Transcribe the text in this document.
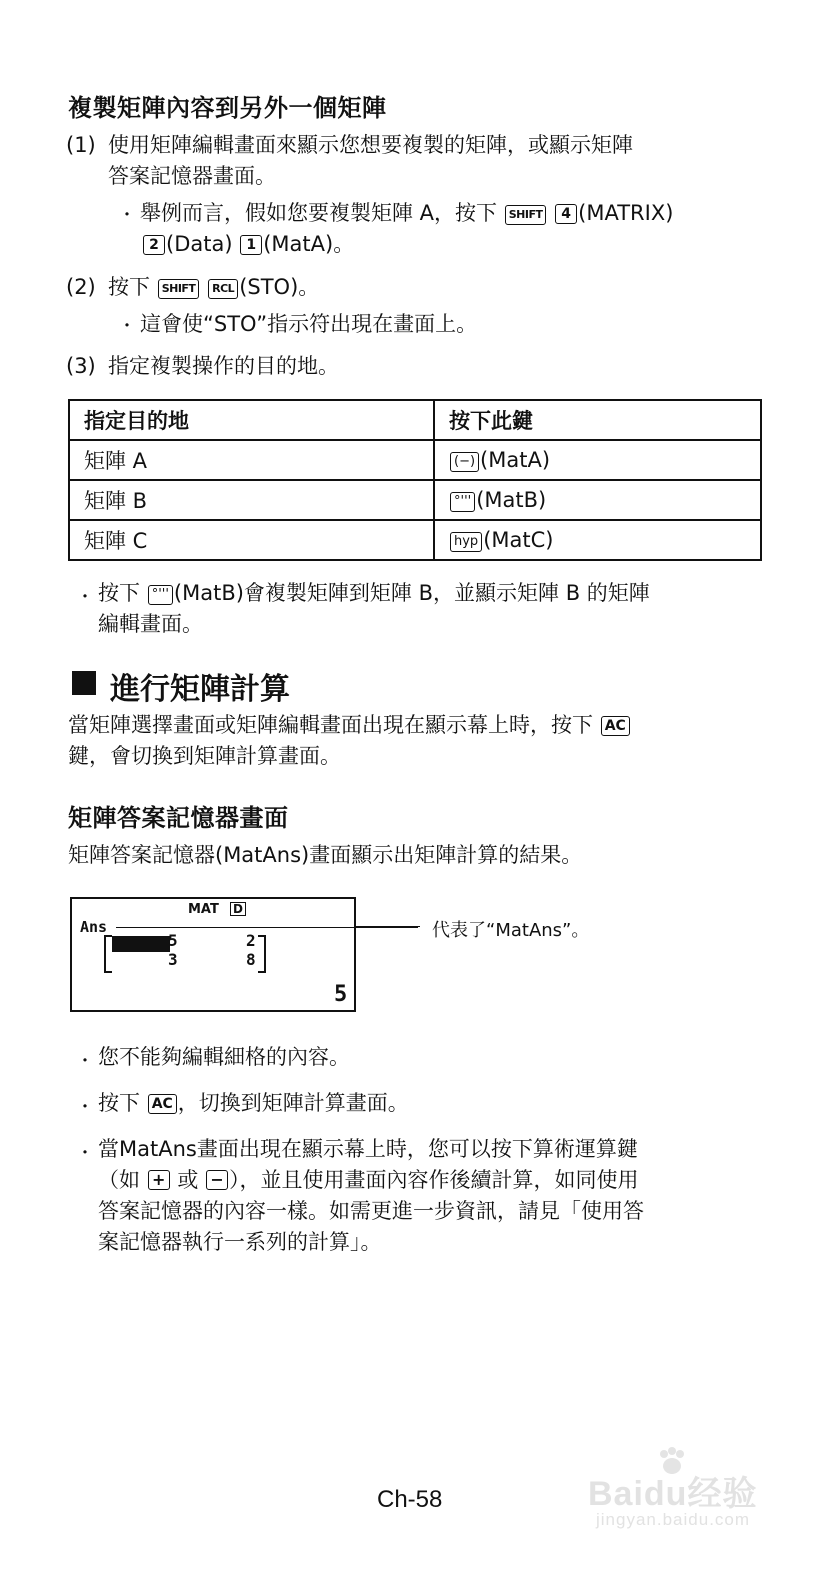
複製矩陣內容到另外一個矩陣
(1) 使用矩陣編輯畫面來顯示您想要複製的矩陣，或顯示矩陣
答案記憶器畫面。
・ 舉例而言，假如您要複製矩陣 A，按下 SHIFT 4 (MATRIX)
2 (Data) 1 (MatA)。
(2) 按下 SHIFT RCL (STO)。
・ 這會使“STO”指示符出現在畫面上。
(3) 指定複製操作的目的地。
指定目的地	按下此鍵
矩陣 A	(−) (MatA)
矩陣 B	°''' (MatB)
矩陣 C	hyp (MatC)
・ 按下 °''' (MatB)會複製矩陣到矩陣 B，並顯示矩陣 B 的矩陣
編輯畫面。
進行矩陣計算
當矩陣選擇畫面或矩陣編輯畫面出現在顯示幕上時，按下 AC
鍵，會切換到矩陣計算畫面。
矩陣答案記憶器畫面
矩陣答案記憶器(MatAns)畫面顯示出矩陣計算的結果。
MAT D
Ans
5	2
3	8
5
代表了“MatAns”。
・ 您不能夠編輯細格的內容。
・ 按下 AC ，切換到矩陣計算畫面。
・ 當MatAns畫面出現在顯示幕上時，您可以按下算術運算鍵
（如 + 或 − ），並且使用畫面內容作後續計算，如同使用
答案記憶器的內容一樣。如需更進一步資訊，請見「使用答
案記憶器執行一系列的計算」。
Ch-58	Baidu经验
jingyan.baidu.com
